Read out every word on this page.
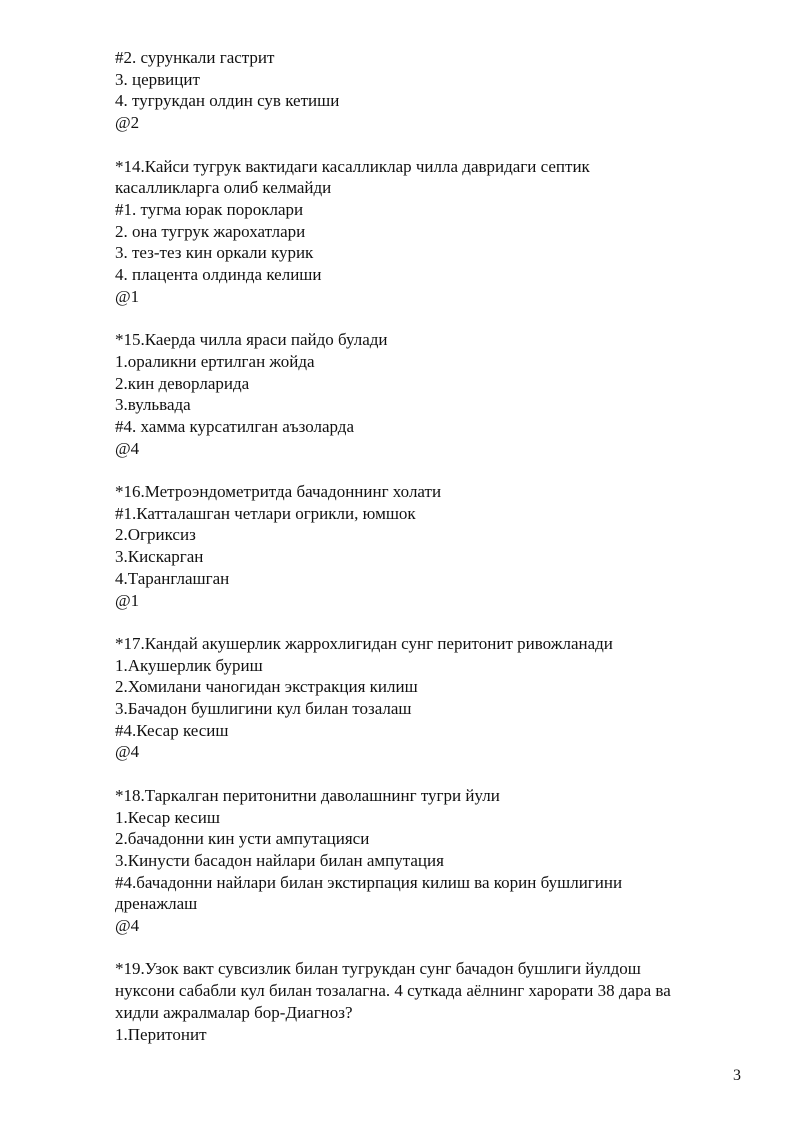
#2. сурункали гастрит
3. цервицит
4. тугрукдан олдин сув кетиши
@2
*14.Кайси тугрук вактидаги касалликлар чилла давридаги септик
касалликларга олиб келмайди
#1. тугма юрак пороклари
2. она тугрук жарохатлари
3. тез-тез кин оркали курик
4. плацента олдинда келиши
@1
*15.Каерда чилла яраси пайдо булади
1.ораликни ертилган жойда
2.кин деворларида
3.вульвада
#4. хамма курсатилган аъзоларда
@4
*16.Метроэндометритда бачадоннинг холати
#1.Катталашган четлари огрикли, юмшок
2.Огриксиз
3.Кискарган
4.Таранглашган
@1
*17.Кандай акушерлик жаррохлигидан сунг перитонит ривожланади
1.Акушерлик буриш
2.Хомилани чаногидан экстракция килиш
3.Бачадон бушлигини кул билан тозалаш
#4.Кесар кесиш
@4
*18.Таркалган перитонитни даволашнинг тугри йули
1.Кесар кесиш
2.бачадонни кин усти ампутацияси
3.Кинусти басадон найлари билан ампутация
#4.бачадонни найлари билан экстирпация килиш ва корин бушлигини
дренажлаш
@4
*19.Узок вакт сувсизлик билан тугрукдан сунг бачадон бушлиги йулдош
нуксони сабабли кул билан тозалагна. 4 суткада аёлнинг харорати 38 дара ва
хидли ажралмалар бор-Диагноз?
1.Перитонит
3
